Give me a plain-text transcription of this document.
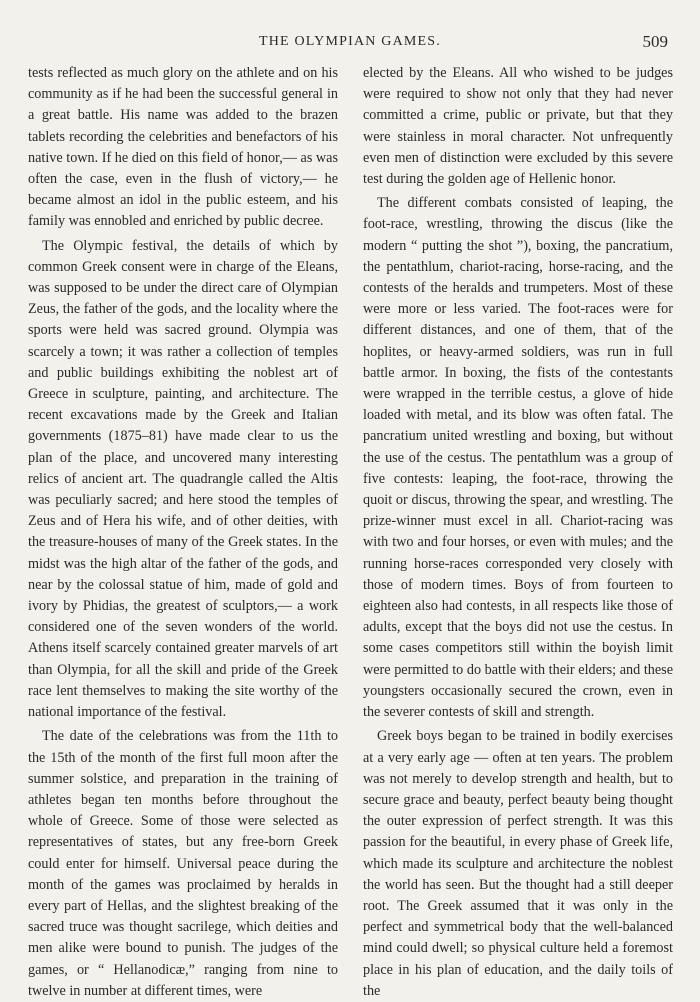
THE OLYMPIAN GAMES.	509

tests reflected as much glory on the athlete and on his community as if he had been the successful general in a great battle. His name was added to the brazen tablets recording the celebrities and benefactors of his native town. If he died on this field of honor,— as was often the case, even in the flush of victory,— he became almost an idol in the public esteem, and his family was ennobled and enriched by public decree.

The Olympic festival, the details of which by common Greek consent were in charge of the Eleans, was supposed to be under the direct care of Olympian Zeus, the father of the gods, and the locality where the sports were held was sacred ground. Olympia was scarcely a town; it was rather a collection of temples and public buildings exhibiting the noblest art of Greece in sculpture, painting, and architecture. The recent excavations made by the Greek and Italian governments (1875–81) have made clear to us the plan of the place, and uncovered many interesting relics of ancient art. The quadrangle called the Altis was peculiarly sacred; and here stood the temples of Zeus and of Hera his wife, and of other deities, with the treasure-houses of many of the Greek states. In the midst was the high altar of the father of the gods, and near by the colossal statue of him, made of gold and ivory by Phidias, the greatest of sculptors,— a work considered one of the seven wonders of the world. Athens itself scarcely contained greater marvels of art than Olympia, for all the skill and pride of the Greek race lent themselves to making the site worthy of the national importance of the festival.

The date of the celebrations was from the 11th to the 15th of the month of the first full moon after the summer solstice, and preparation in the training of athletes began ten months before throughout the whole of Greece. Some of those were selected as representatives of states, but any free-born Greek could enter for himself. Universal peace during the month of the games was proclaimed by heralds in every part of Hellas, and the slightest breaking of the sacred truce was thought sacrilege, which deities and men alike were bound to punish. The judges of the games, or “ Hellanodicæ,” ranging from nine to twelve in number at different times, were

elected by the Eleans. All who wished to be judges were required to show not only that they had never committed a crime, public or private, but that they were stainless in moral character. Not unfrequently even men of distinction were excluded by this severe test during the golden age of Hellenic honor.

The different combats consisted of leaping, the foot-race, wrestling, throwing the discus (like the modern “ putting the shot ”), boxing, the pancratium, the pentathlum, chariot-racing, horse-racing, and the contests of the heralds and trumpeters. Most of these were more or less varied. The foot-races were for different distances, and one of them, that of the hoplites, or heavy-armed soldiers, was run in full battle armor. In boxing, the fists of the contestants were wrapped in the terrible cestus, a glove of hide loaded with metal, and its blow was often fatal. The pancratium united wrestling and boxing, but without the use of the cestus. The pentathlum was a group of five contests: leaping, the foot-race, throwing the quoit or discus, throwing the spear, and wrestling. The prize-winner must excel in all. Chariot-racing was with two and four horses, or even with mules; and the running horse-races corresponded very closely with those of modern times. Boys of from fourteen to eighteen also had contests, in all respects like those of adults, except that the boys did not use the cestus. In some cases competitors still within the boyish limit were permitted to do battle with their elders; and these youngsters occasionally secured the crown, even in the severer contests of skill and strength.

Greek boys began to be trained in bodily exercises at a very early age — often at ten years. The problem was not merely to develop strength and health, but to secure grace and beauty, perfect beauty being thought the outer expression of perfect strength. It was this passion for the beautiful, in every phase of Greek life, which made its sculpture and architecture the noblest the world has seen. But the thought had a still deeper root. The Greek assumed that it was only in the perfect and symmetrical body that the well-balanced mind could dwell; so physical culture held a foremost place in his plan of education, and the daily toils of the
